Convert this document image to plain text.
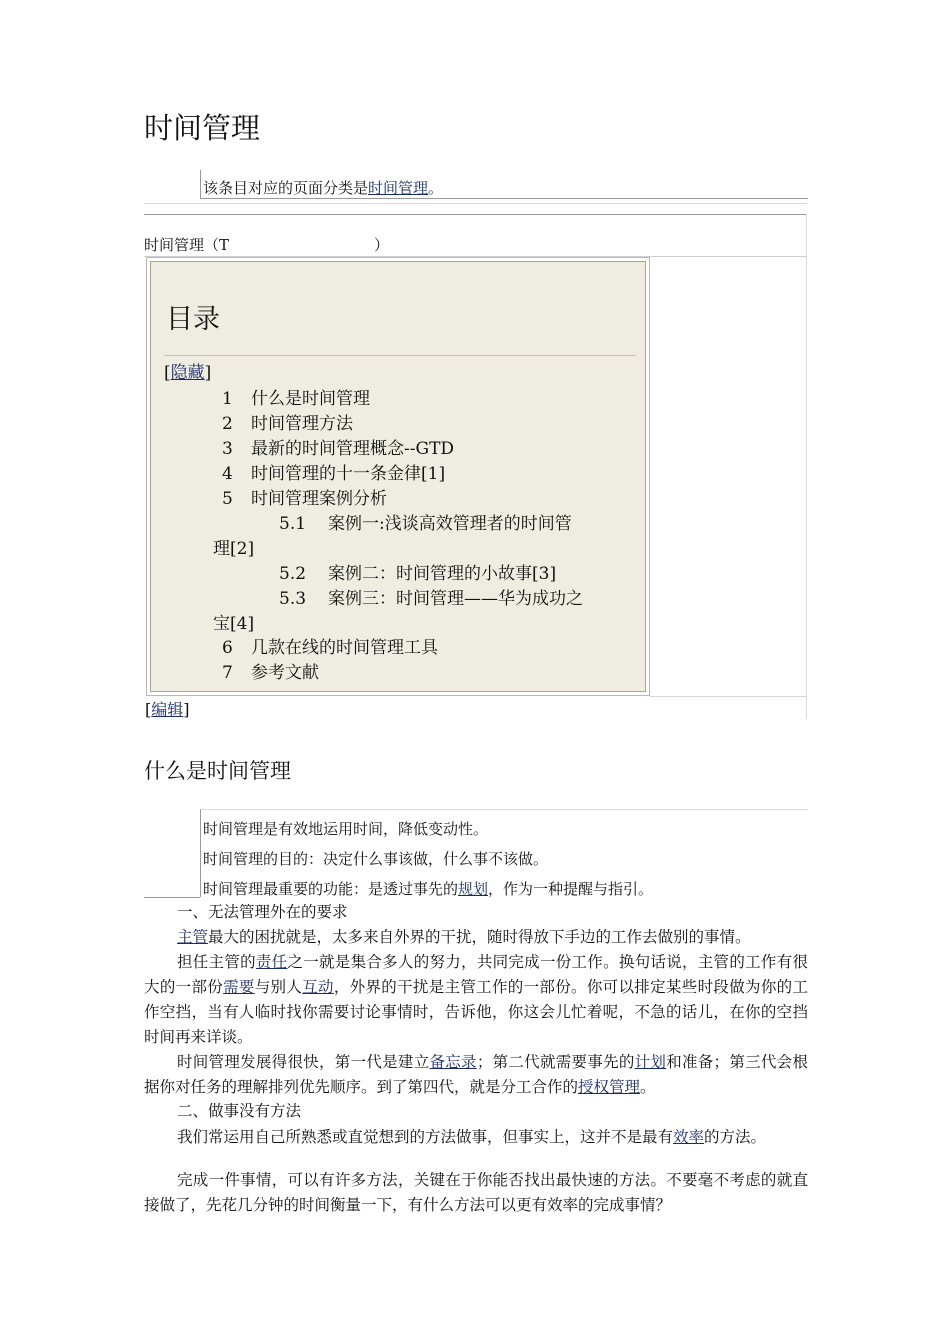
时间管理
该条目对应的页面分类是时间管理。
时间管理（T	）
目录
[隐藏]
1 什么是时间管理
2 时间管理方法
3 最新的时间管理概念--GTD
4 时间管理的十一条金律[1]
5 时间管理案例分析
5.1 案例一:浅谈高效管理者的时间管
理[2]
5.2 案例二：时间管理的小故事[3]
5.3 案例三：时间管理——华为成功之
宝[4]
6 几款在线的时间管理工具
7 参考文献
[编辑]
什么是时间管理
时间管理是有效地运用时间，降低变动性。
时间管理的目的：决定什么事该做，什么事不该做。
时间管理最重要的功能：是透过事先的规划，作为一种提醒与指引。

一、无法管理外在的要求

主管最大的困扰就是，太多来自外界的干扰，随时得放下手边的工作去做别的事情。

担任主管的责任之一就是集合多人的努力，共同完成一份工作。换句话说，主管的工作有很大的一部份需要与别人互动，外界的干扰是主管工作的一部份。你可以排定某些时段做为你的工作空挡，当有人临时找你需要讨论事情时，告诉他，你这会儿忙着呢，不急的话儿，在你的空挡时间再来详谈。

时间管理发展得很快，第一代是建立备忘录；第二代就需要事先的计划和准备；第三代会根据你对任务的理解排列优先顺序。到了第四代，就是分工合作的授权管理。

二、做事没有方法

我们常运用自己所熟悉或直觉想到的方法做事，但事实上，这并不是最有效率的方法。

完成一件事情，可以有许多方法，关键在于你能否找出最快速的方法。不要毫不考虑的就直接做了，先花几分钟的时间衡量一下，有什么方法可以更有效率的完成事情？
